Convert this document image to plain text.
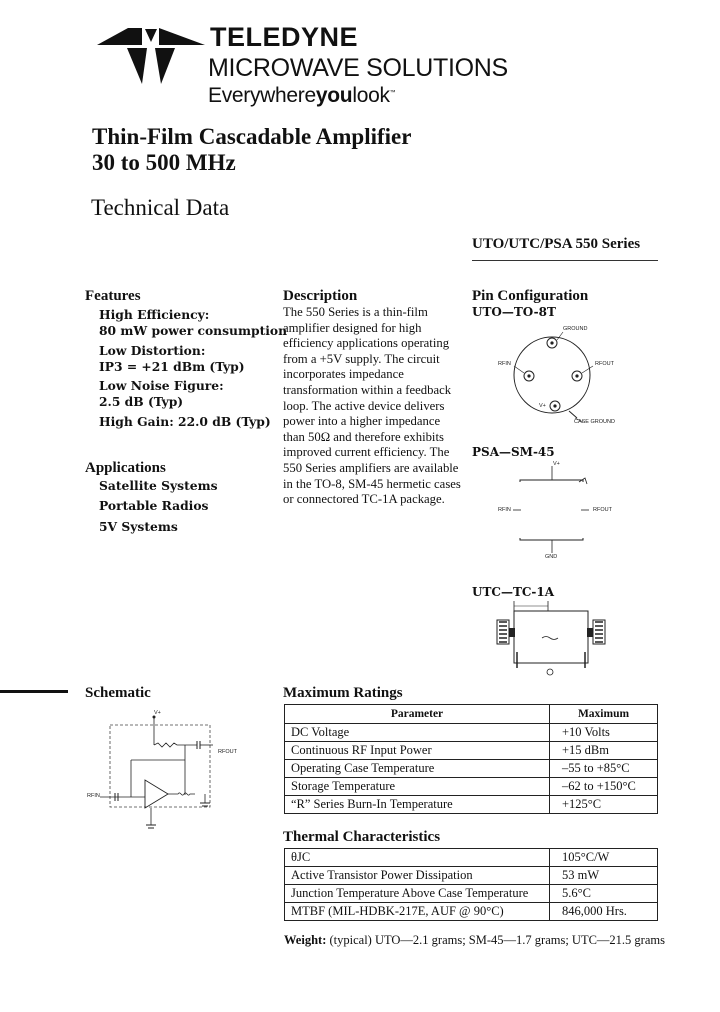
TELEDYNE
MICROWAVE SOLUTIONS
Everywhereyoulook™
Thin-Film Cascadable Amplifier
30 to 500 MHz
Technical Data
UTO/UTC/PSA 550 Series
Features
High Efficiency:
80 mW power consumption
Low Distortion:
IP3 = +21 dBm (Typ)
Low Noise Figure:
2.5 dB (Typ)
High Gain: 22.0 dB (Typ)
Applications
Satellite Systems
Portable Radios
5V Systems
Description
The 550 Series is a thin-film amplifier designed for high efficiency applications operating from a +5V supply. The circuit incorporates impedance transformation within a feedback loop. The active device delivers power into a higher impedance than 50Ω and therefore exhibits improved current efficiency. The 550 Series amplifiers are available in the TO-8, SM-45 hermetic cases or connectored TC-1A package.
Pin Configuration
UTO—TO-8T
GROUND
RFIN	RFOUT
V+
CASE GROUND
PSA—SM-45
V+
RFIN	RFOUT
GND
UTC—TC-1A
Schematic
V+
RFOUT
RFIN
Maximum Ratings
Parameter	Maximum
DC Voltage	+10 Volts
Continuous RF Input Power	+15 dBm
Operating Case Temperature	–55 to +85°C
Storage Temperature	–62 to +150°C
“R” Series Burn-In Temperature	+125°C
Thermal Characteristics
θJC	105°C/W
Active Transistor Power Dissipation	53 mW
Junction Temperature Above Case Temperature	5.6°C
MTBF (MIL-HDBK-217E, AUF @ 90°C)	846,000 Hrs.
Weight: (typical) UTO—2.1 grams; SM-45—1.7 grams; UTC—21.5 grams
